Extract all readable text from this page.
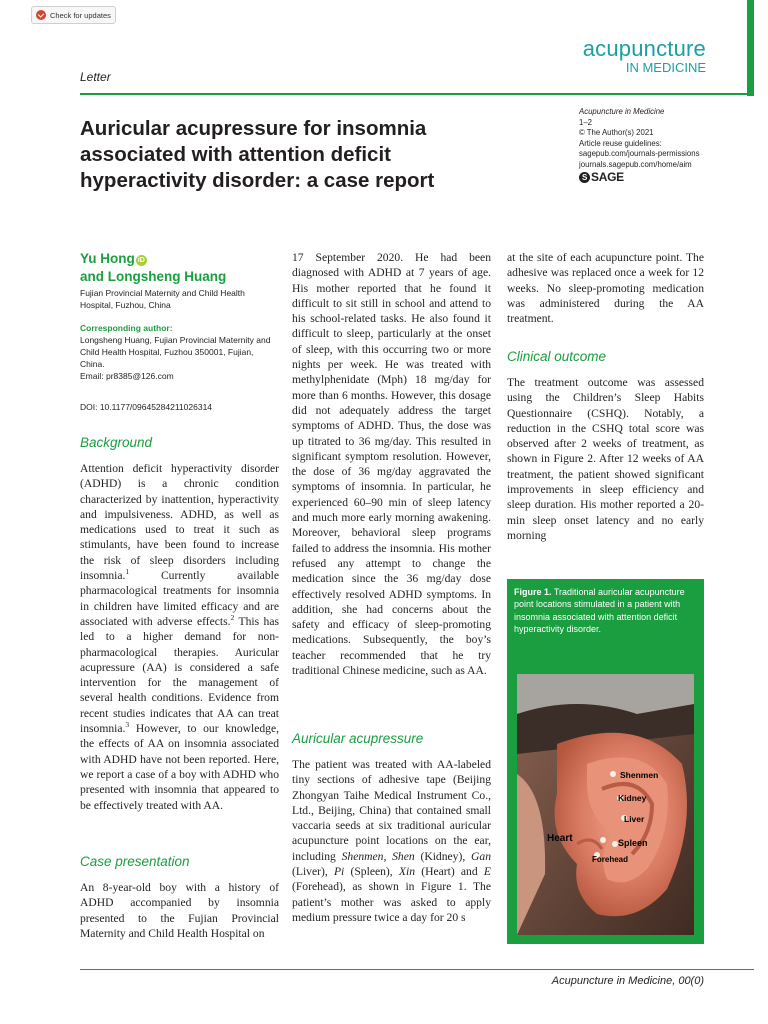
Check for updates
acupuncture
IN MEDICINE
Letter
Auricular acupressure for insomnia associated with attention deficit hyperactivity disorder: a case report
Acupuncture in Medicine
1–2
© The Author(s) 2021
Article reuse guidelines:
sagepub.com/journals-permissions
journals.sagepub.com/home/aim
S SAGE
Yu Hong iD
and Longsheng Huang
Fujian Provincial Maternity and Child Health Hospital, Fuzhou, China
Corresponding author:
Longsheng Huang, Fujian Provincial Maternity and Child Health Hospital, Fuzhou 350001, Fujian, China.
Email: pr8385@126.com
DOI: 10.1177/09645284211026314
Background

Attention deficit hyperactivity disorder (ADHD) is a chronic condition characterized by inattention, hyperactivity and impulsiveness. ADHD, as well as medications used to treat it such as stimulants, have been found to increase the risk of sleep disorders including insomnia.$^1$ Currently available pharmacological treatments for insomnia in children have limited efficacy and are associated with adverse effects.$^2$ This has led to a higher demand for non-pharmacological therapies. Auricular acupressure (AA) is considered a safe intervention for the management of several health conditions. Evidence from recent studies indicates that AA can treat insomnia.$^3$ However, to our knowledge, the effects of AA on insomnia associated with ADHD have not been reported. Here, we report a case of a boy with ADHD who presented with insomnia that appeared to be effectively treated with AA.

Case presentation

An 8-year-old boy with a history of ADHD accompanied by insomnia presented to the Fujian Provincial Maternity and Child Health Hospital on

17 September 2020. He had been diagnosed with ADHD at 7 years of age. His mother reported that he found it difficult to sit still in school and attend to his school-related tasks. He also found it difficult to sleep, particularly at the onset of sleep, with this occurring two or more nights per week. He was treated with methylphenidate (Mph) 18 mg/day for more than 6 months. However, this dosage did not adequately address the target symptoms of ADHD. Thus, the dose was up titrated to 36 mg/day. This resulted in significant symptom resolution. However, the dose of 36 mg/day aggravated the symptoms of insomnia. In particular, he experienced 60–90 min of sleep latency and much more early morning awakening. Moreover, behavioral sleep programs failed to address the insomnia. His mother refused any attempt to change the medication since the 36 mg/day dose effectively resolved ADHD symptoms. In addition, she had concerns about the safety and efficacy of sleep-promoting medications. Subsequently, the boy’s teacher recommended that he try traditional Chinese medicine, such as AA.

Auricular acupressure

The patient was treated with AA-labeled tiny sections of adhesive tape (Beijing Zhongyan Taihe Medical Instrument Co., Ltd., Beijing, China) that contained small vaccaria seeds at six traditional auricular acupuncture point locations on the ear, including Shenmen, Shen (Kidney), Gan (Liver), Pi (Spleen), Xin (Heart) and E (Forehead), as shown in Figure 1. The patient’s mother was asked to apply medium pressure twice a day for 20 s

at the site of each acupuncture point. The adhesive was replaced once a week for 12 weeks. No sleep-promoting medication was administered during the AA treatment.

Clinical outcome

The treatment outcome was assessed using the Children’s Sleep Habits Questionnaire (CSHQ). Notably, a reduction in the CSHQ total score was observed after 2 weeks of treatment, as shown in Figure 2. After 12 weeks of AA treatment, the patient showed significant improvements in sleep efficiency and sleep duration. His mother reported a 20-min sleep onset latency and no early morning

Figure 1. Traditional auricular acupuncture point locations stimulated in a patient with insomnia associated with attention deficit hyperactivity disorder.
Shenmen
Kidney
Liver
Heart	Spleen
Forehead
Acupuncture in Medicine, 00(0)
